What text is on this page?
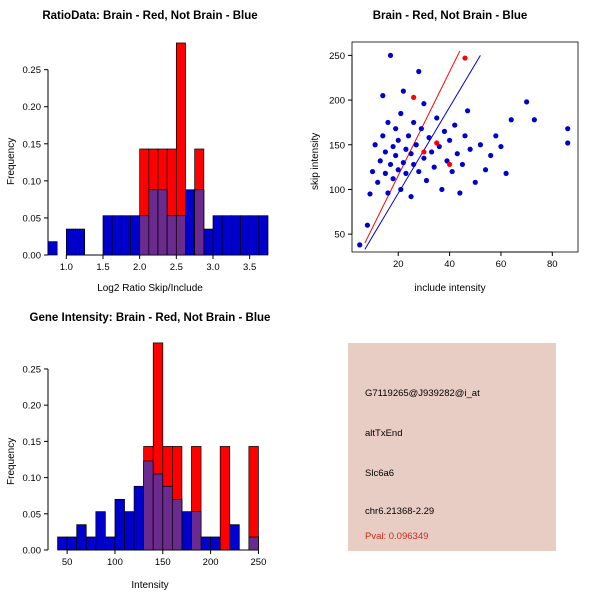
RatioData: Brain - Red, Not Brain - Blue
1.0 1.5 2.0 2.5 3.0 3.5
0.00
0.05
0.10
0.15
0.20
0.25
Frequency
Log2 Ratio Skip/Include
Brain - Red, Not Brain - Blue
20	40	60	80
50
100
150
200
250
skip intensity
include intensity
Gene Intensity: Brain - Red, Not Brain - Blue
50	100	150	200	250
0.00
0.05
0.10
0.15
0.20
0.25
Frequency
Intensity
G7119265@J939282@i_at
altTxEnd
Slc6a6
chr6.21368-2.29
Pval: 0.096349
